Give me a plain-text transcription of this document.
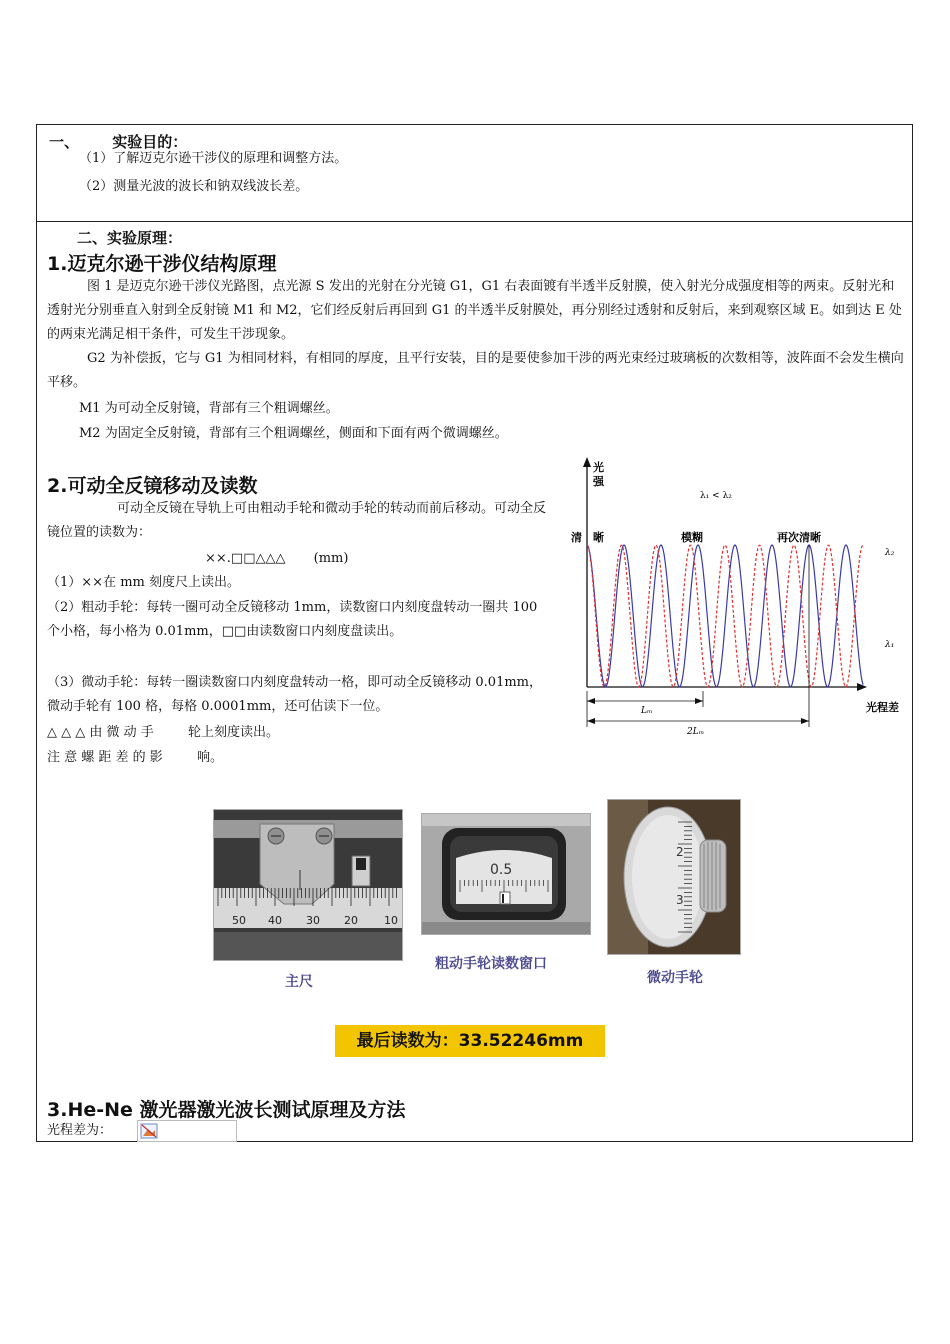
一、 实验目的：
（1）了解迈克尔逊干涉仪的原理和调整方法。
（2）测量光波的波长和钠双线波长差。
二、实验原理：
1.迈克尔逊干涉仪结构原理
图 1 是迈克尔逊干涉仪光路图，点光源 S 发出的光射在分光镜 G1，G1 右表面镀有半透半反射膜，使入射光分成强度相等的两束。反射光和透射光分别垂直入射到全反射镜 M1 和 M2，它们经反射后再回到 G1 的半透半反射膜处，再分别经过透射和反射后，来到观察区域 E。如到达 E 处的两束光满足相干条件，可发生干涉现象。
G2 为补偿扳，它与 G1 为相同材料，有相同的厚度，且平行安装，目的是要使参加干涉的两光束经过玻璃板的次数相等，波阵面不会发生横向平移。
M1 为可动全反射镜，背部有三个粗调螺丝。
M2 为固定全反射镜，背部有三个粗调螺丝，侧面和下面有两个微调螺丝。
2.可动全反镜移动及读数
可动全反镜在导轨上可由粗动手轮和微动手轮的转动而前后移动。可动全反镜位置的读数为：
××.□□△△△ (mm)
（1）××在 mm 刻度尺上读出。
（2）粗动手轮：每转一圈可动全反镜移动 1mm，读数窗口内刻度盘转动一圈共 100 个小格，每小格为 0.01mm，□□由读数窗口内刻度盘读出。
（3）微动手轮：每转一圈读数窗口内刻度盘转动一格，即可动全反镜移动 0.01mm，微动手轮有 100 格，每格 0.0001mm，还可估读下一位。
△ △ △ 由 微 动 手	轮上刻度读出。
注 意 螺 距 差 的 影	响。
光
强
λ₁ < λ₂
清　晰	模糊	再次清晰
光程差
λ₂
λ₁
Lₘ
2Lₘ
50 40 30 20 10
主尺
0.5
粗动手轮读数窗口
2
3
微动手轮
最后读数为：33.52246mm
3.He-Ne 激光器激光波长测试原理及方法
光程差为：
